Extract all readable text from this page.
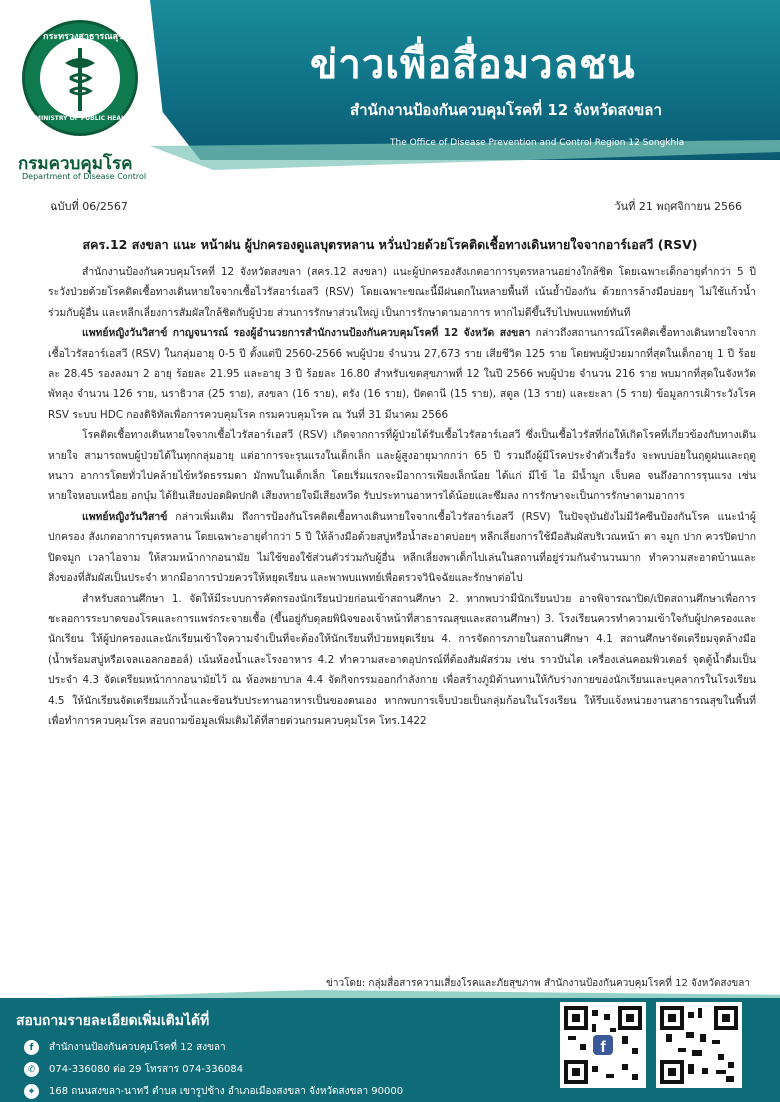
กระทรวงสาธารณสุข
MINISTRY OF PUBLIC HEALTH
กรมควบคุมโรค
Department of Disease Control
ข่าวเพื่อสื่อมวลชน
สำนักงานป้องกันควบคุมโรคที่ 12 จังหวัดสงขลา
The Office of Disease Prevention and Control Region 12 Songkhla
ฉบับที่ 06/2567	วันที่ 21 พฤศจิกายน 2566
สคร.12 สงขลา แนะ หน้าฝน ผู้ปกครองดูแลบุตรหลาน หวั่นป่วยด้วยโรคติดเชื้อทางเดินหายใจจากอาร์เอสวี (RSV)

สำนักงานป้องกันควบคุมโรคที่ 12 จังหวัดสงขลา (สคร.12 สงขลา) แนะผู้ปกครองสังเกตอาการบุตรหลานอย่างใกล้ชิด โดยเฉพาะเด็กอายุต่ำกว่า 5 ปี ระวังป่วยด้วยโรคติดเชื้อทางเดินหายใจจากเชื้อไวรัสอาร์เอสวี (RSV) โดยเฉพาะขณะนี้มีฝนตกในหลายพื้นที่ เน้นย้ำป้องกัน ด้วยการล้างมือบ่อยๆ ไม่ใช้แก้วน้ำร่วมกับผู้อื่น และหลีกเลี่ยงการสัมผัสใกล้ชิดกับผู้ป่วย ส่วนการรักษาส่วนใหญ่ เป็นการรักษาตามอาการ หากไม่ดีขึ้นรีบไปพบแพทย์ทันที

แพทย์หญิงวันวิสาข์ กาญจนารณ์ รองผู้อำนวยการสำนักงานป้องกันควบคุมโรคที่ 12 จังหวัด สงขลา กล่าวถึงสถานการณ์โรคติดเชื้อทางเดินหายใจจากเชื้อไวรัสอาร์เอสวี (RSV) ในกลุ่มอายุ 0-5 ปี ตั้งแต่ปี 2560-2566 พบผู้ป่วย จำนวน 27,673 ราย เสียชีวิต 125 ราย โดยพบผู้ป่วยมากที่สุดในเด็กอายุ 1 ปี ร้อยละ 28.45 รองลงมา 2 อายุ ร้อยละ 21.95 และอายุ 3 ปี ร้อยละ 16.80 สำหรับเขตสุขภาพที่ 12 ในปี 2566 พบผู้ป่วย จำนวน 216 ราย พบมากที่สุดในจังหวัดพัทลุง จำนวน 126 ราย, นราธิวาส (25 ราย), สงขลา (16 ราย), ตรัง (16 ราย), ปัตตานี (15 ราย), สตูล (13 ราย) และยะลา (5 ราย) ข้อมูลการเฝ้าระวังโรค RSV ระบบ HDC กองดิจิทัลเพื่อการควบคุมโรค กรมควบคุมโรค ณ วันที่ 31 มีนาคม 2566

โรคติดเชื้อทางเดินหายใจจากเชื้อไวรัสอาร์เอสวี (RSV) เกิดจากการที่ผู้ป่วยได้รับเชื้อไวรัสอาร์เอสวี ซึ่งเป็นเชื้อไวรัสที่ก่อให้เกิดโรคที่เกี่ยวข้องกับทางเดินหายใจ สามารถพบผู้ป่วยได้ในทุกกลุ่มอายุ แต่อาการจะรุนแรงในเด็กเล็ก และผู้สูงอายุมากกว่า 65 ปี รวมถึงผู้มีโรคประจำตัวเรื้อรัง จะพบบ่อยในฤดูฝนและฤดูหนาว อาการโดยทั่วไปคล้ายไข้หวัดธรรมดา มักพบในเด็กเล็ก โดยเริ่มแรกจะมีอาการเพียงเล็กน้อย ได้แก่ มีไข้ ไอ มีน้ำมูก เจ็บคอ จนถึงอาการรุนแรง เช่น หายใจหอบเหนื่อย อกบุ๋ม ได้ยินเสียงปอดผิดปกติ เสียงหายใจมีเสียงหวีด รับประทานอาหารได้น้อยและซึมลง การรักษาจะเป็นการรักษาตามอาการ

แพทย์หญิงวันวิสาข์ กล่าวเพิ่มเติม ถึงการป้องกันโรคติดเชื้อทางเดินหายใจจากเชื้อไวรัสอาร์เอสวี (RSV) ในปัจจุบันยังไม่มีวัคซีนป้องกันโรค แนะนำผู้ปกครอง สังเกตอาการบุตรหลาน โดยเฉพาะอายุต่ำกว่า 5 ปี ให้ล้างมือด้วยสบู่หรือน้ำสะอาดบ่อยๆ หลีกเลี่ยงการใช้มือสัมผัสบริเวณหน้า ตา จมูก ปาก ควรปิดปาก ปิดจมูก เวลาไอจาม ให้สวมหน้ากากอนามัย ไม่ใช้ของใช้ส่วนตัวร่วมกับผู้อื่น หลีกเลี่ยงพาเด็กไปเล่นในสถานที่อยู่ร่วมกันจำนวนมาก ทำความสะอาดบ้านและสิ่งของที่สัมผัสเป็นประจำ หากมีอาการป่วยควรให้หยุดเรียน และพาพบแพทย์เพื่อตรวจวินิจฉัยและรักษาต่อไป

สำหรับสถานศึกษา 1. จัดให้มีระบบการคัดกรองนักเรียนป่วยก่อนเข้าสถานศึกษา 2. หากพบว่ามีนักเรียนป่วย อาจพิจารณาปิด/เปิดสถานศึกษาเพื่อการชะลอการระบาดของโรคและการแพร่กระจายเชื้อ (ขึ้นอยู่กับดุลยพินิจของเจ้าหน้าที่สาธารณสุขและสถานศึกษา) 3. โรงเรียนควรทำความเข้าใจกับผู้ปกครองและนักเรียน ให้ผู้ปกครองและนักเรียนเข้าใจความจำเป็นที่จะต้องให้นักเรียนที่ป่วยหยุดเรียน 4. การจัดการภายในสถานศึกษา 4.1 สถานศึกษาจัดเตรียมจุดล้างมือ (น้ำพร้อมสบู่หรือเจลแอลกอฮอล์) เน้นห้องน้ำและโรงอาหาร 4.2 ทำความสะอาดอุปกรณ์ที่ต้องสัมผัสร่วม เช่น ราวบันได เครื่องเล่นคอมพิวเตอร์ จุดตู้น้ำดื่มเป็นประจำ 4.3 จัดเตรียมหน้ากากอนามัยไว้ ณ ห้องพยาบาล 4.4 จัดกิจกรรมออกกำลังกาย เพื่อสร้างภูมิต้านทานให้กับร่างกายของนักเรียนและบุคลากรในโรงเรียน 4.5 ให้นักเรียนจัดเตรียมแก้วน้ำและช้อนรับประทานอาหารเป็นของตนเอง หากพบการเจ็บป่วยเป็นกลุ่มก้อนในโรงเรียน ให้รีบแจ้งหน่วยงานสาธารณสุขในพื้นที่เพื่อทำการควบคุมโรค สอบถามข้อมูลเพิ่มเติมได้ที่สายด่วนกรมควบคุมโรค โทร.1422

ข่าวโดย: กลุ่มสื่อสารความเสี่ยงโรคและภัยสุขภาพ สำนักงานป้องกันควบคุมโรคที่ 12 จังหวัดสงขลา
สอบถามรายละเอียดเพิ่มเติมได้ที่
f	สำนักงานป้องกันควบคุมโรคที่ 12 สงขลา
✆	074-336080 ต่อ 29 โทรสาร 074-336084
⌖	168 ถนนสงขลา-นาทวี ตำบล เขารูปช้าง อำเภอเมืองสงขลา จังหวัดสงขลา 90000
f
